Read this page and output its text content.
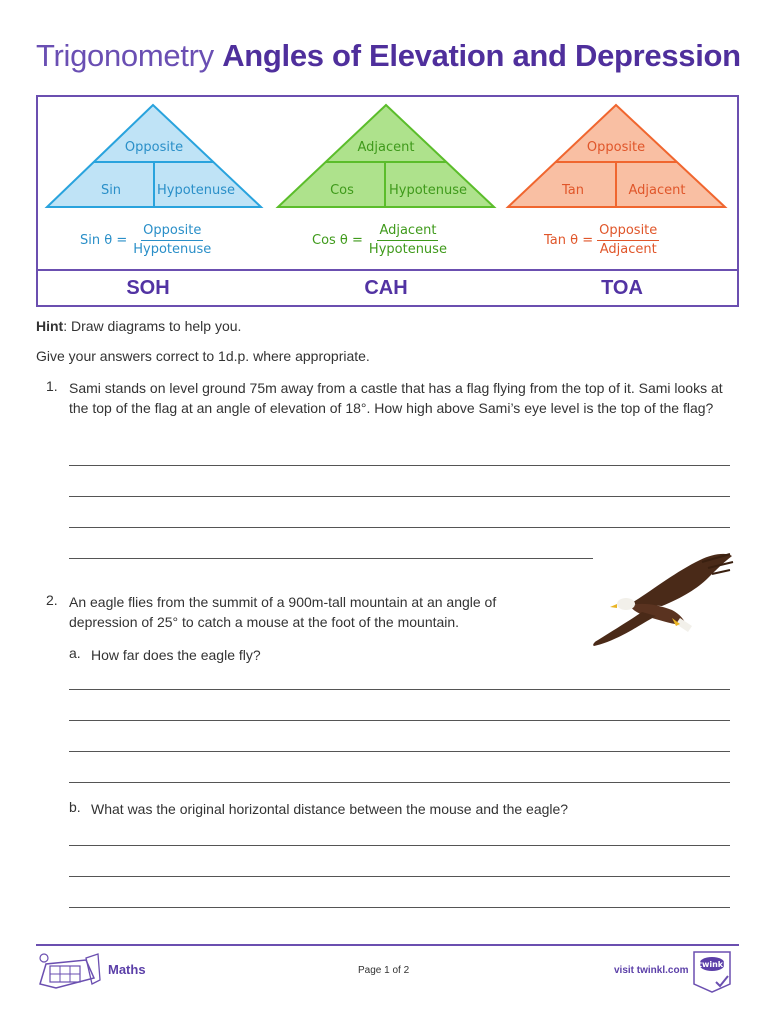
Trigonometry Angles of Elevation and Depression
Opposite
Sin	Hypotenuse
Adjacent
Cos	Hypotenuse
Opposite
Tan	Adjacent
Sin $\theta = \frac{\text{Opposite}}{\text{Hypotenuse}}$	Cos $\theta = \frac{\text{Adjacent}}{\text{Hypotenuse}}$	Tan $\theta = \frac{\text{Opposite}}{\text{Adjacent}}$
SOH	CAH	TOA
Hint: Draw diagrams to help you.
Give your answers correct to 1d.p. where appropriate.
1. Sami stands on level ground 75m away from a castle that has a flag flying from the top of it. Sami looks at the top of the flag at an angle of elevation of 18°. How high above Sami’s eye level is the top of the flag?
2. An eagle flies from the summit of a 900m-tall mountain at an angle of depression of 25° to catch a mouse at the foot of the mountain.
a. How far does the eagle fly?
b. What was the original horizontal distance between the mouse and the eagle?
Maths	Page 1 of 2	visit twinkl.com
twinkl
